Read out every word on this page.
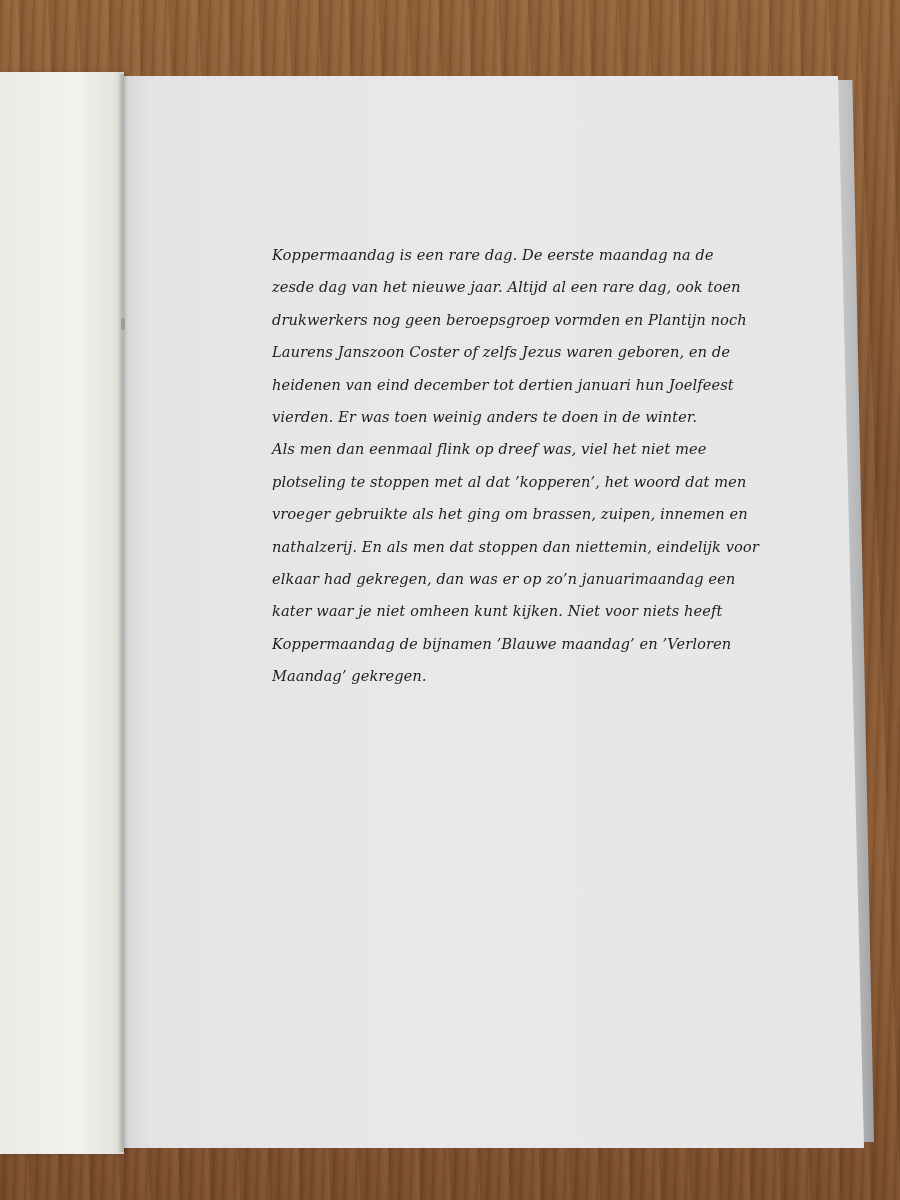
Koppermaandag is een rare dag. De eerste maandag na de
zesde dag van het nieuwe jaar. Altijd al een rare dag, ook toen
drukwerkers nog geen beroepsgroep vormden en Plantijn noch
Laurens Janszoon Coster of zelfs Jezus waren geboren, en de
heidenen van eind december tot dertien januari hun Joelfeest
vierden. Er was toen weinig anders te doen in de winter.
Als men dan eenmaal flink op dreef was, viel het niet mee
plotseling te stoppen met al dat ’kopperen’, het woord dat men
vroeger gebruikte als het ging om brassen, zuipen, innemen en
nathalzerij. En als men dat stoppen dan niettemin, eindelijk voor
elkaar had gekregen, dan was er op zo’n januarimaandag een
kater waar je niet omheen kunt kijken. Niet voor niets heeft
Koppermaandag de bijnamen ’Blauwe maandag’ en ’Verloren
Maandag’ gekregen.
